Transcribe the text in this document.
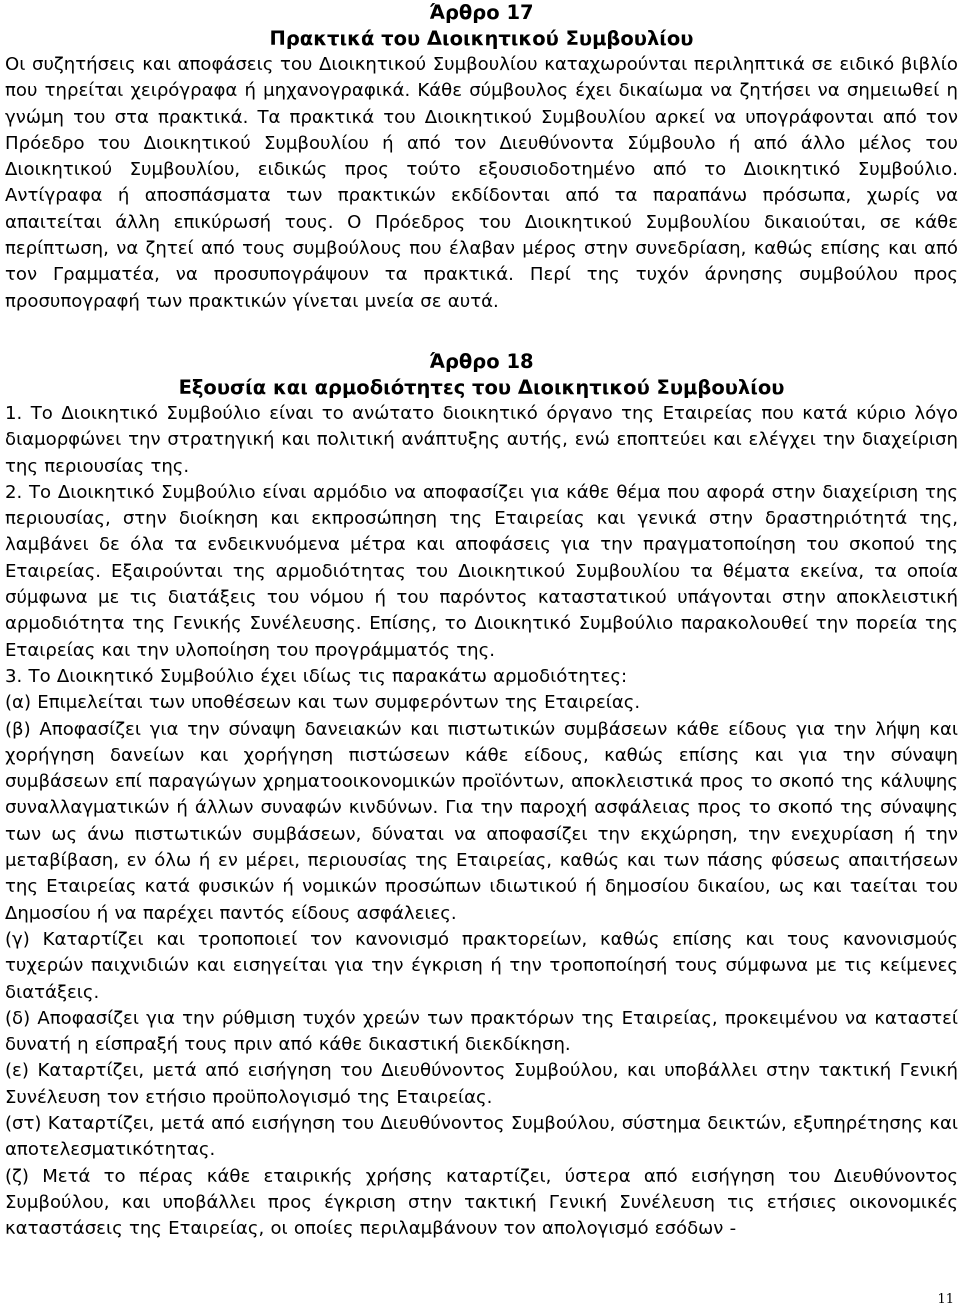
Άρθρο 17

Πρακτικά του Διοικητικού Συμβουλίου

Οι συζητήσεις και αποφάσεις του Διοικητικού Συμβουλίου καταχωρούνται περιληπτικά σε ειδικό βιβλίο που τηρείται χειρόγραφα ή μηχανογραφικά. Κάθε σύμβουλος έχει δικαίωμα να ζητήσει να σημειωθεί η γνώμη του στα πρακτικά. Τα πρακτικά του Διοικητικού Συμβουλίου αρκεί να υπογράφονται από τον Πρόεδρο του Διοικητικού Συμβουλίου ή από τον Διευθύνοντα Σύμβουλο ή από άλλο μέλος του Διοικητικού Συμβουλίου, ειδικώς προς τούτο εξουσιοδοτημένο από το Διοικητικό Συμβούλιο. Αντίγραφα ή αποσπάσματα των πρακτικών εκδίδονται από τα παραπάνω πρόσωπα, χωρίς να απαιτείται άλλη επικύρωσή τους. Ο Πρόεδρος του Διοικητικού Συμβουλίου δικαιούται, σε κάθε περίπτωση, να ζητεί από τους συμβούλους που έλαβαν μέρος στην συνεδρίαση, καθώς επίσης και από τον Γραμματέα, να προσυπογράψουν τα πρακτικά. Περί της τυχόν άρνησης συμβούλου προς προσυπογραφή των πρακτικών γίνεται μνεία σε αυτά.

Άρθρο 18

Εξουσία και αρμοδιότητες του Διοικητικού Συμβουλίου

1. Το Διοικητικό Συμβούλιο είναι το ανώτατο διοικητικό όργανο της Εταιρείας που κατά κύριο λόγο διαμορφώνει την στρατηγική και πολιτική ανάπτυξης αυτής, ενώ εποπτεύει και ελέγχει την διαχείριση της περιουσίας της.

2. Το Διοικητικό Συμβούλιο είναι αρμόδιο να αποφασίζει για κάθε θέμα που αφορά στην διαχείριση της περιουσίας, στην διοίκηση και εκπροσώπηση της Εταιρείας και γενικά στην δραστηριότητά της, λαμβάνει δε όλα τα ενδεικνυόμενα μέτρα και αποφάσεις για την πραγματοποίηση του σκοπού της Εταιρείας. Εξαιρούνται της αρμοδιότητας του Διοικητικού Συμβουλίου τα θέματα εκείνα, τα οποία σύμφωνα με τις διατάξεις του νόμου ή του παρόντος καταστατικού υπάγονται στην αποκλειστική αρμοδιότητα της Γενικής Συνέλευσης. Επίσης, το Διοικητικό Συμβούλιο παρακολουθεί την πορεία της Εταιρείας και την υλοποίηση του προγράμματός της.

3. Το Διοικητικό Συμβούλιο έχει ιδίως τις παρακάτω αρμοδιότητες:

(α) Επιμελείται των υποθέσεων και των συμφερόντων της Εταιρείας.

(β) Αποφασίζει για την σύναψη δανειακών και πιστωτικών συμβάσεων κάθε είδους για την λήψη και χορήγηση δανείων και χορήγηση πιστώσεων κάθε είδους, καθώς επίσης και για την σύναψη συμβάσεων επί παραγώγων χρηματοοικονομικών προϊόντων, αποκλειστικά προς το σκοπό της κάλυψης συναλλαγματικών ή άλλων συναφών κινδύνων. Για την παροχή ασφάλειας προς το σκοπό της σύναψης των ως άνω πιστωτικών συμβάσεων, δύναται να αποφασίζει την εκχώρηση, την ενεχυρίαση ή την μεταβίβαση, εν όλω ή εν μέρει, περιουσίας της Εταιρείας, καθώς και των πάσης φύσεως απαιτήσεων της Εταιρείας κατά φυσικών ή νομικών προσώπων ιδιωτικού ή δημοσίου δικαίου, ως και ταείται του Δημοσίου ή να παρέχει παντός είδους ασφάλειες.

(γ) Καταρτίζει και τροποποιεί τον κανονισμό πρακτορείων, καθώς επίσης και τους κανονισμούς τυχερών παιχνιδιών και εισηγείται για την έγκριση ή την τροποποίησή τους σύμφωνα με τις κείμενες διατάξεις.

(δ) Αποφασίζει για την ρύθμιση τυχόν χρεών των πρακτόρων της Εταιρείας, προκειμένου να καταστεί δυνατή η είσπραξή τους πριν από κάθε δικαστική διεκδίκηση.

(ε) Καταρτίζει, μετά από εισήγηση του Διευθύνοντος Συμβούλου, και υποβάλλει στην τακτική Γενική Συνέλευση τον ετήσιο προϋπολογισμό της Εταιρείας.

(στ) Καταρτίζει, μετά από εισήγηση του Διευθύνοντος Συμβούλου, σύστημα δεικτών, εξυπηρέτησης και αποτελεσματικότητας.

(ζ) Μετά το πέρας κάθε εταιρικής χρήσης καταρτίζει, ύστερα από εισήγηση του Διευθύνοντος Συμβούλου, και υποβάλλει προς έγκριση στην τακτική Γενική Συνέλευση τις ετήσιες οικονομικές καταστάσεις της Εταιρείας, οι οποίες περιλαμβάνουν τον απολογισμό εσόδων -

11
